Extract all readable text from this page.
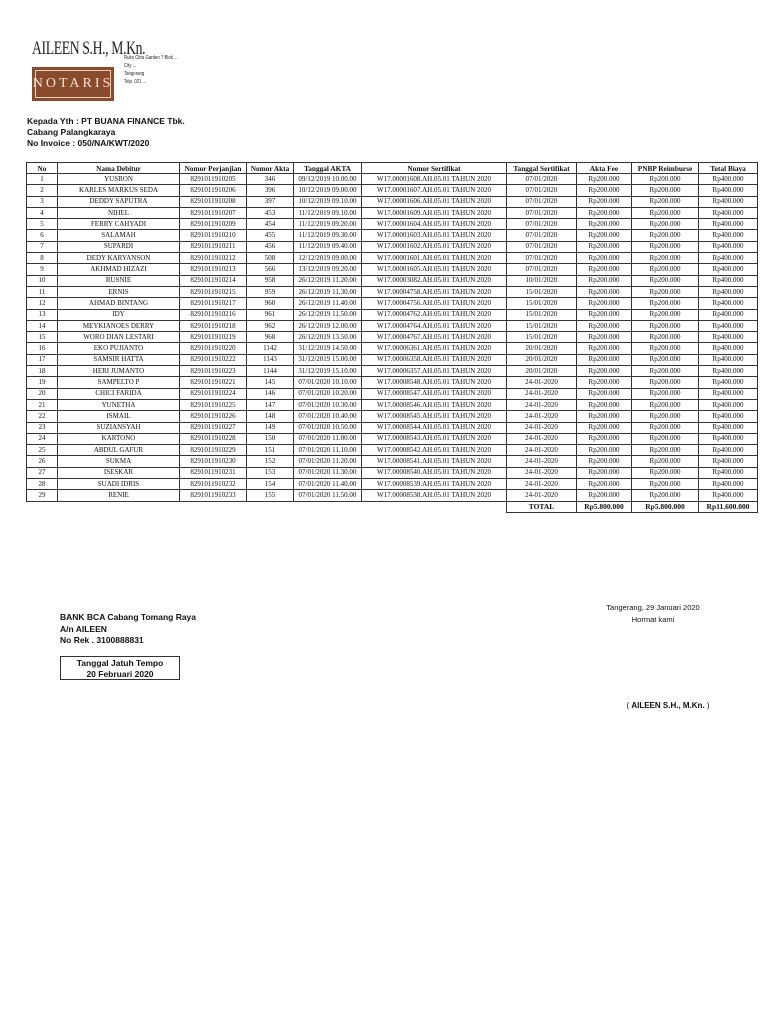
AILEEN S.H., M.Kn.
NOTARIS
Ruko Citra Garden 7 Blok ...
City ...
Tangerang
Telp. 021 ...
Kepada Yth : PT BUANA FINANCE Tbk.
Cabang Palangkaraya
No Invoice : 050/NA/KWT/2020
No	Nama Debitur	Nomor Perjanjian	Nomor Akta	Tanggal AKTA	Nomor Sertifikat	Tanggal Sertifikat	Akta Fee	PNBP Reimburse	Total Biaya
1	YUSRON	8291011910205	346	09/12/2019 10.00.00	W17.00001608.AH.05.01 TAHUN 2020	07/01/2020	Rp200.000	Rp200.000	Rp400.000
2	KARLES MARKUS SEDA	8291011910206	396	10/12/2019 09.00.00	W17.00001607.AH.05.01 TAHUN 2020	07/01/2020	Rp200.000	Rp200.000	Rp400.000
3	DEDDY SAPUTRA	8291011910208	397	10/12/2019 09.10.00	W17.00001606.AH.05.01 TAHUN 2020	07/01/2020	Rp200.000	Rp200.000	Rp400.000
4	NIHEL	8291011910207	453	11/12/2019 09.10.00	W17.00001609.AH.05.01 TAHUN 2020	07/01/2020	Rp200.000	Rp200.000	Rp400.000
5	FERRY CAHYADI	8291011910209	454	11/12/2019 09.20.00	W17.00001604.AH.05.01 TAHUN 2020	07/01/2020	Rp200.000	Rp200.000	Rp400.000
6	SALAMAH	8291011910210	455	11/12/2019 09.30.00	W17.00001603.AH.05.01 TAHUN 2020	07/01/2020	Rp200.000	Rp200.000	Rp400.000
7	SUPARDI	8291011910211	456	11/12/2019 09.40.00	W17.00001602.AH.05.01 TAHUN 2020	07/01/2020	Rp200.000	Rp200.000	Rp400.000
8	DEDY KARYANSON	8291011910212	508	12/12/2019 09.00.00	W17.00001601.AH.05.01 TAHUN 2020	07/01/2020	Rp200.000	Rp200.000	Rp400.000
9	AKHMAD HIZAZI	8291011910213	566	13/12/2019 09.20.00	W17.00001605.AH.05.01 TAHUN 2020	07/01/2020	Rp200.000	Rp200.000	Rp400.000
10	RUSNIE	8291011910214	958	26/12/2019 11.20.00	W17.00003082.AH.05.01 TAHUN 2020	10/01/2020	Rp200.000	Rp200.000	Rp400.000
11	ERNIS	8291011910215	959	26/12/2019 11.30.00	W17.00004758.AH.05.01 TAHUN 2020	15/01/2020	Rp200.000	Rp200.000	Rp400.000
12	AHMAD BINTANG	8291011910217	960	26/12/2019 11.40.00	W17.00004756.AH.05.01 TAHUN 2020	15/01/2020	Rp200.000	Rp200.000	Rp400.000
13	IDY	8291011910216	961	26/12/2019 11.50.00	W17.00004762.AH.05.01 TAHUN 2020	15/01/2020	Rp200.000	Rp200.000	Rp400.000
14	MEYKIANOES DERRY	8291011910218	962	26/12/2019 12.00.00	W17.00004764.AH.05.01 TAHUN 2020	15/01/2020	Rp200.000	Rp200.000	Rp400.000
15	WORO DIAN LESTARI	8291011910219	968	26/12/2019 13.50.00	W17.00004767.AH.05.01 TAHUN 2020	15/01/2020	Rp200.000	Rp200.000	Rp400.000
16	EKO PUJIANTO	8291011910220	1142	31/12/2019 14.50.00	W17.00006361.AH.05.01 TAHUN 2020	20/01/2020	Rp200.000	Rp200.000	Rp400.000
17	SAMSIR HATTA	8291011910222	1143	31/12/2019 15.00.00	W17.00006358.AH.05.01 TAHUN 2020	20/01/2020	Rp200.000	Rp200.000	Rp400.000
18	HERI JUMANTO	8291011910223	1144	31/12/2019 15.10.00	W17.00006357.AH.05.01 TAHUN 2020	20/01/2020	Rp200.000	Rp200.000	Rp400.000
19	SAMPELTO P	8291011910221	145	07/01/2020 10.10.00	W17.00008548.AH.05.01 TAHUN 2020	24-01-2020	Rp200.000	Rp200.000	Rp400.000
20	CHICI FARIDA	8291011910224	146	07/01/2020 10.20.00	W17.00008547.AH.05.01 TAHUN 2020	24-01-2020	Rp200.000	Rp200.000	Rp400.000
21	YUNETHA	8291011910225	147	07/01/2020 10.30.00	W17.00008546.AH.05.01 TAHUN 2020	24-01-2020	Rp200.000	Rp200.000	Rp400.000
22	ISMAIL	8291011910226	148	07/01/2020 10.40.00	W17.00008545.AH.05.01 TAHUN 2020	24-01-2020	Rp200.000	Rp200.000	Rp400.000
23	SUZIANSYAH	8291011910227	149	07/01/2020 10.50.00	W17.00008544.AH.05.01 TAHUN 2020	24-01-2020	Rp200.000	Rp200.000	Rp400.000
24	KARTONO	8291011910228	150	07/01/2020 11.00.00	W17.00008543.AH.05.01 TAHUN 2020	24-01-2020	Rp200.000	Rp200.000	Rp400.000
25	ABDUL GAFUR	8291011910229	151	07/01/2020 11.10.00	W17.00008542.AH.05.01 TAHUN 2020	24-01-2020	Rp200.000	Rp200.000	Rp400.000
26	SUKMA	8291011910230	152	07/01/2020 11.20.00	W17.00008541.AH.05.01 TAHUN 2020	24-01-2020	Rp200.000	Rp200.000	Rp400.000
27	ISESKAR	8291011910231	153	07/01/2020 11.30.00	W17.00008540.AH.05.01 TAHUN 2020	24-01-2020	Rp200.000	Rp200.000	Rp400.000
28	SUADI IDRIS	8291011910232	154	07/01/2020 11.40.00	W17.00008539.AH.05.01 TAHUN 2020	24-01-2020	Rp200.000	Rp200.000	Rp400.000
29	RENIE	8291011910233	155	07/01/2020 11.50.00	W17.00008538.AH.05.01 TAHUN 2020	24-01-2020	Rp200.000	Rp200.000	Rp400.000
						TOTAL	Rp5.800.000	Rp5.800.000	Rp11.600.000
BANK BCA Cabang Tomang Raya
A/n AILEEN
No Rek . 3100888831
Tanggal Jatuh Tempo
20 Februari 2020
Tangerang, 29 Januari 2020
Hormat kami
( AILEEN S.H., M.Kn. )
